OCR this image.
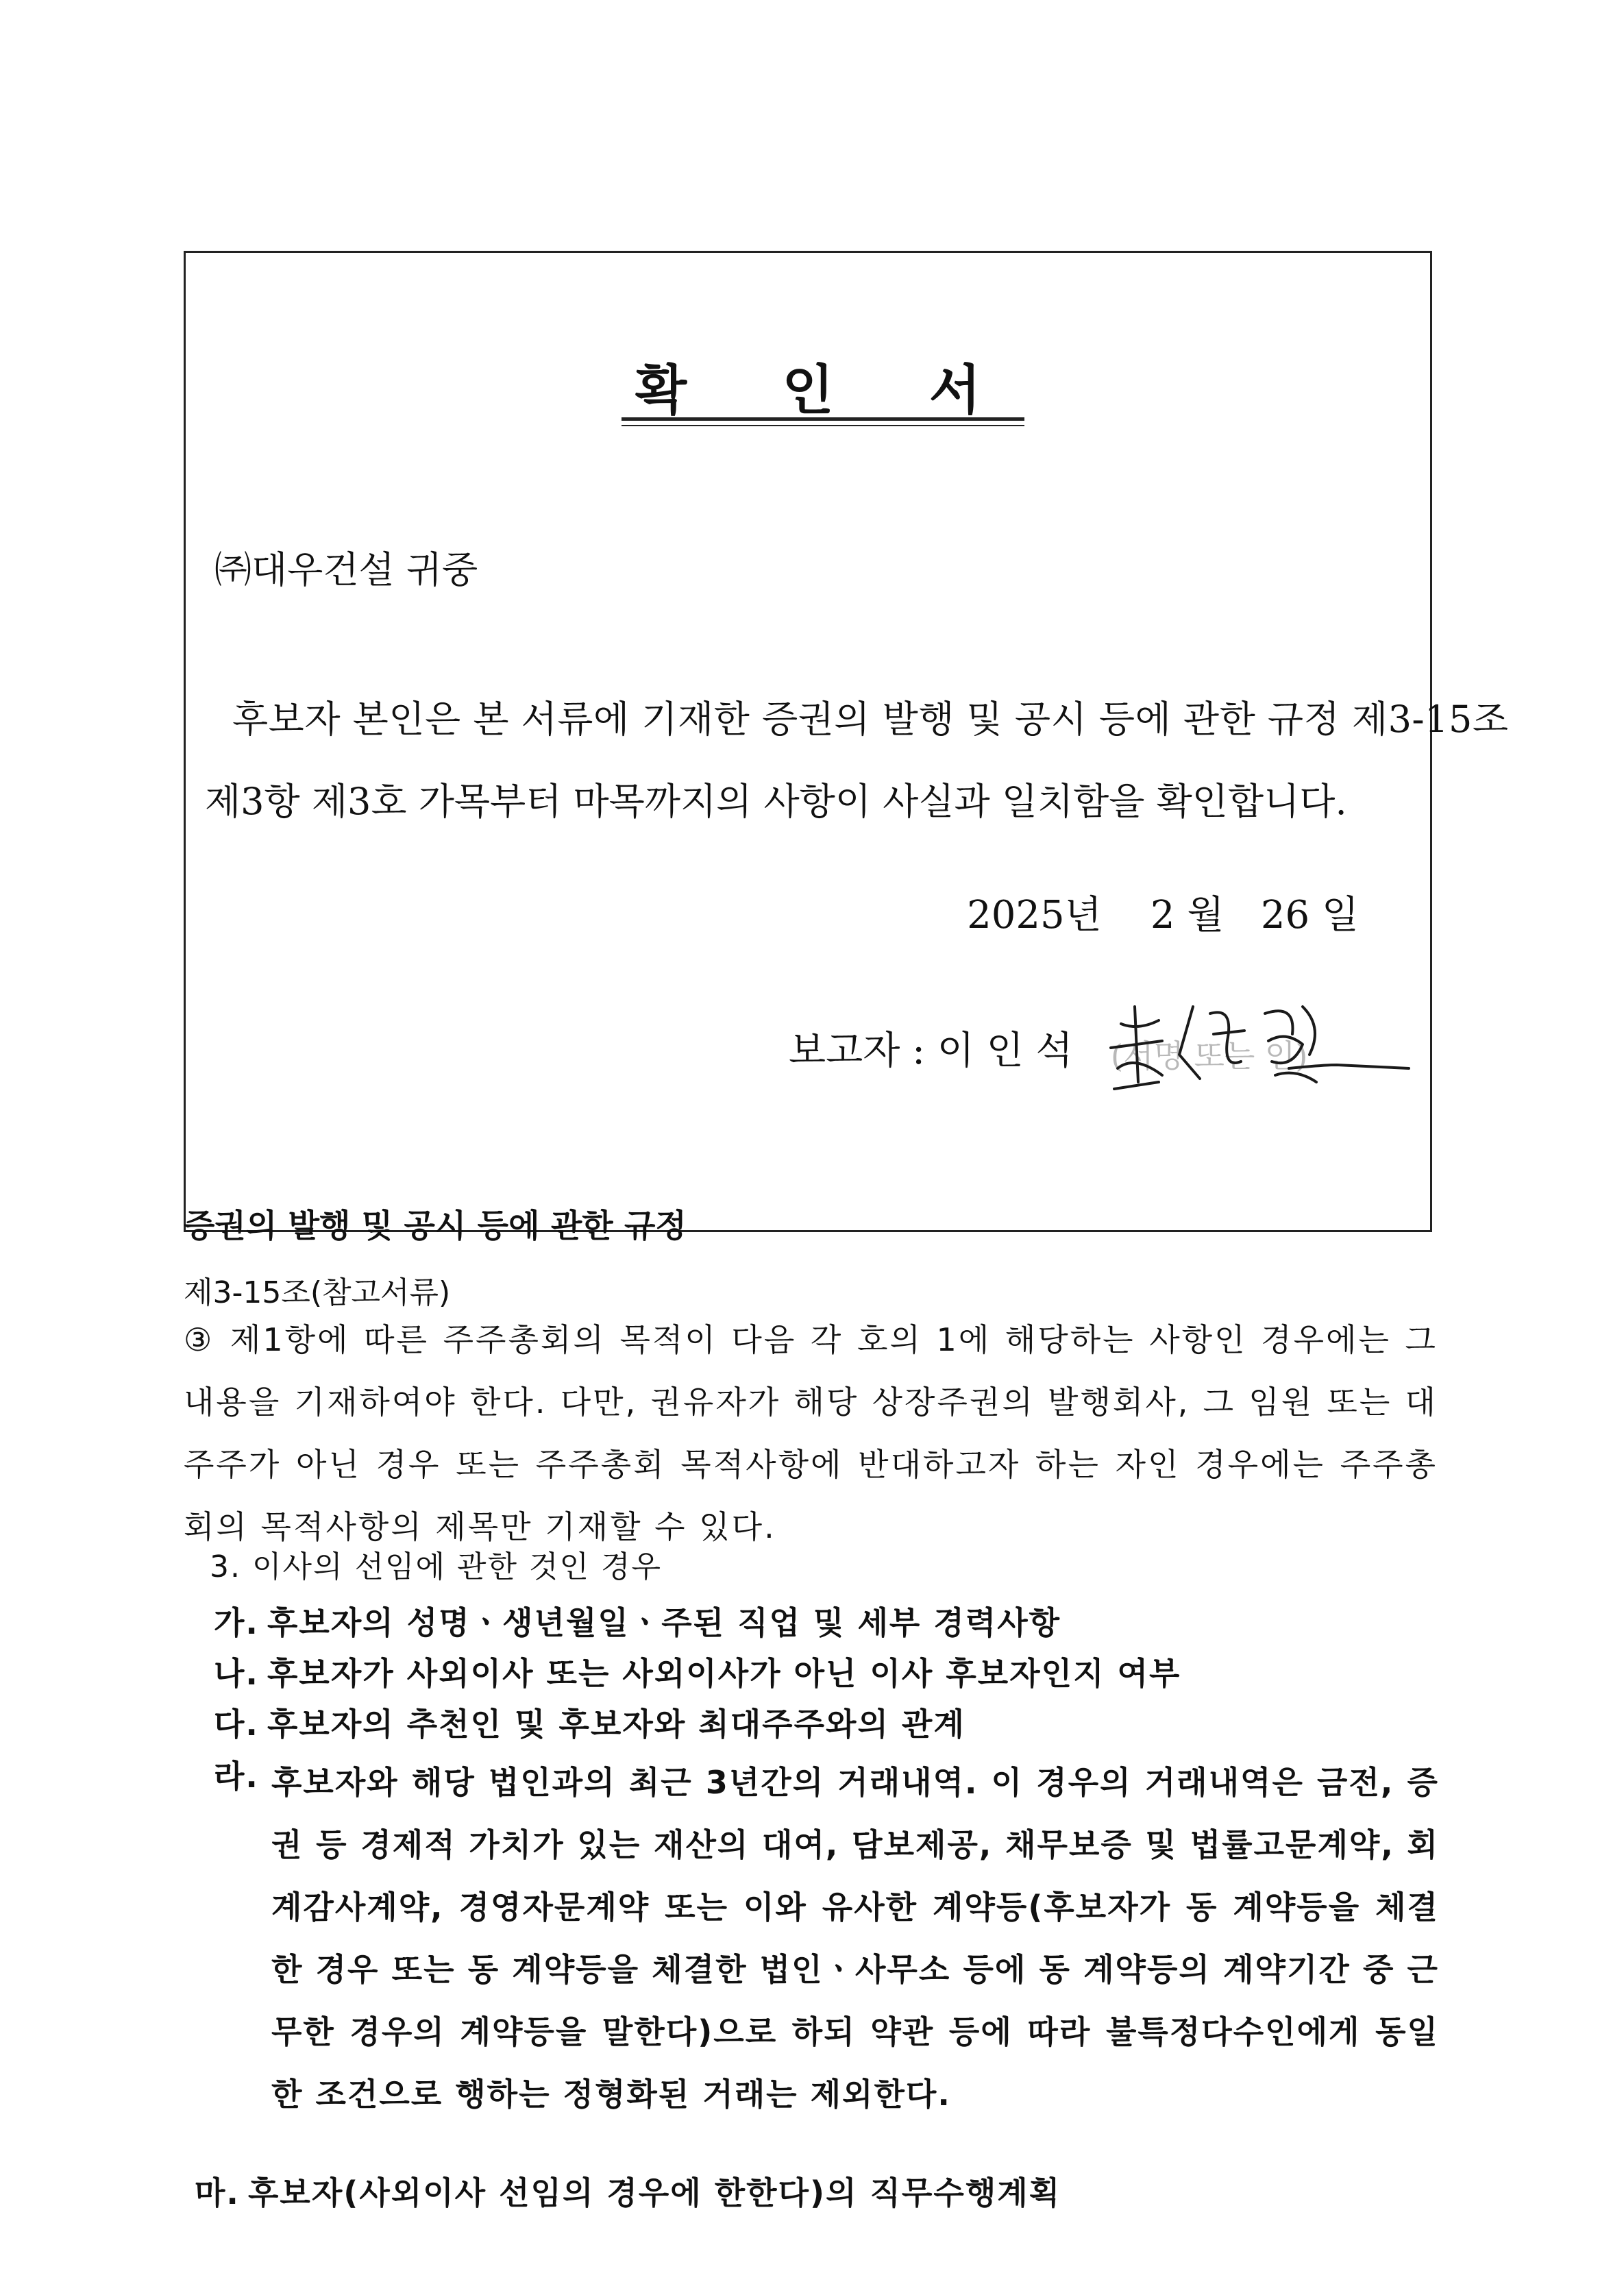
확 인 서
㈜대우건설 귀중
후보자 본인은 본 서류에 기재한 증권의 발행 및 공시 등에 관한 규정 제3-15조
제3항 제3호 가목부터 마목까지의 사항이 사실과 일치함을 확인합니다.
2025년    2 월   26 일
보고자 : 이 인 석 (서명 또는 인)
증권의 발행 및 공시 등에 관한 규정
제3-15조(참고서류)
③ 제1항에 따른 주주총회의 목적이 다음 각 호의 1에 해당하는 사항인 경우에는 그 내용을 기재하여야 한다. 다만, 권유자가 해당 상장주권의 발행회사, 그 임원 또는 대주주가 아닌 경우 또는 주주총회 목적사항에 반대하고자 하는 자인 경우에는 주주총회의 목적사항의 제목만 기재할 수 있다.
3. 이사의 선임에 관한 것인 경우
가. 후보자의 성명ㆍ생년월일ㆍ주된 직업 및 세부 경력사항
나. 후보자가 사외이사 또는 사외이사가 아닌 이사 후보자인지 여부
다. 후보자의 추천인 및 후보자와 최대주주와의 관계
라. 후보자와 해당 법인과의 최근 3년간의 거래내역. 이 경우의 거래내역은 금전, 증권 등 경제적 가치가 있는 재산의 대여, 담보제공, 채무보증 및 법률고문계약, 회계감사계약, 경영자문계약 또는 이와 유사한 계약등(후보자가 동 계약등을 체결한 경우 또는 동 계약등을 체결한 법인ㆍ사무소 등에 동 계약등의 계약기간 중 근무한 경우의 계약등을 말한다)으로 하되 약관 등에 따라 불특정다수인에게 동일한 조건으로 행하는 정형화된 거래는 제외한다.
마. 후보자(사외이사 선임의 경우에 한한다)의 직무수행계획
